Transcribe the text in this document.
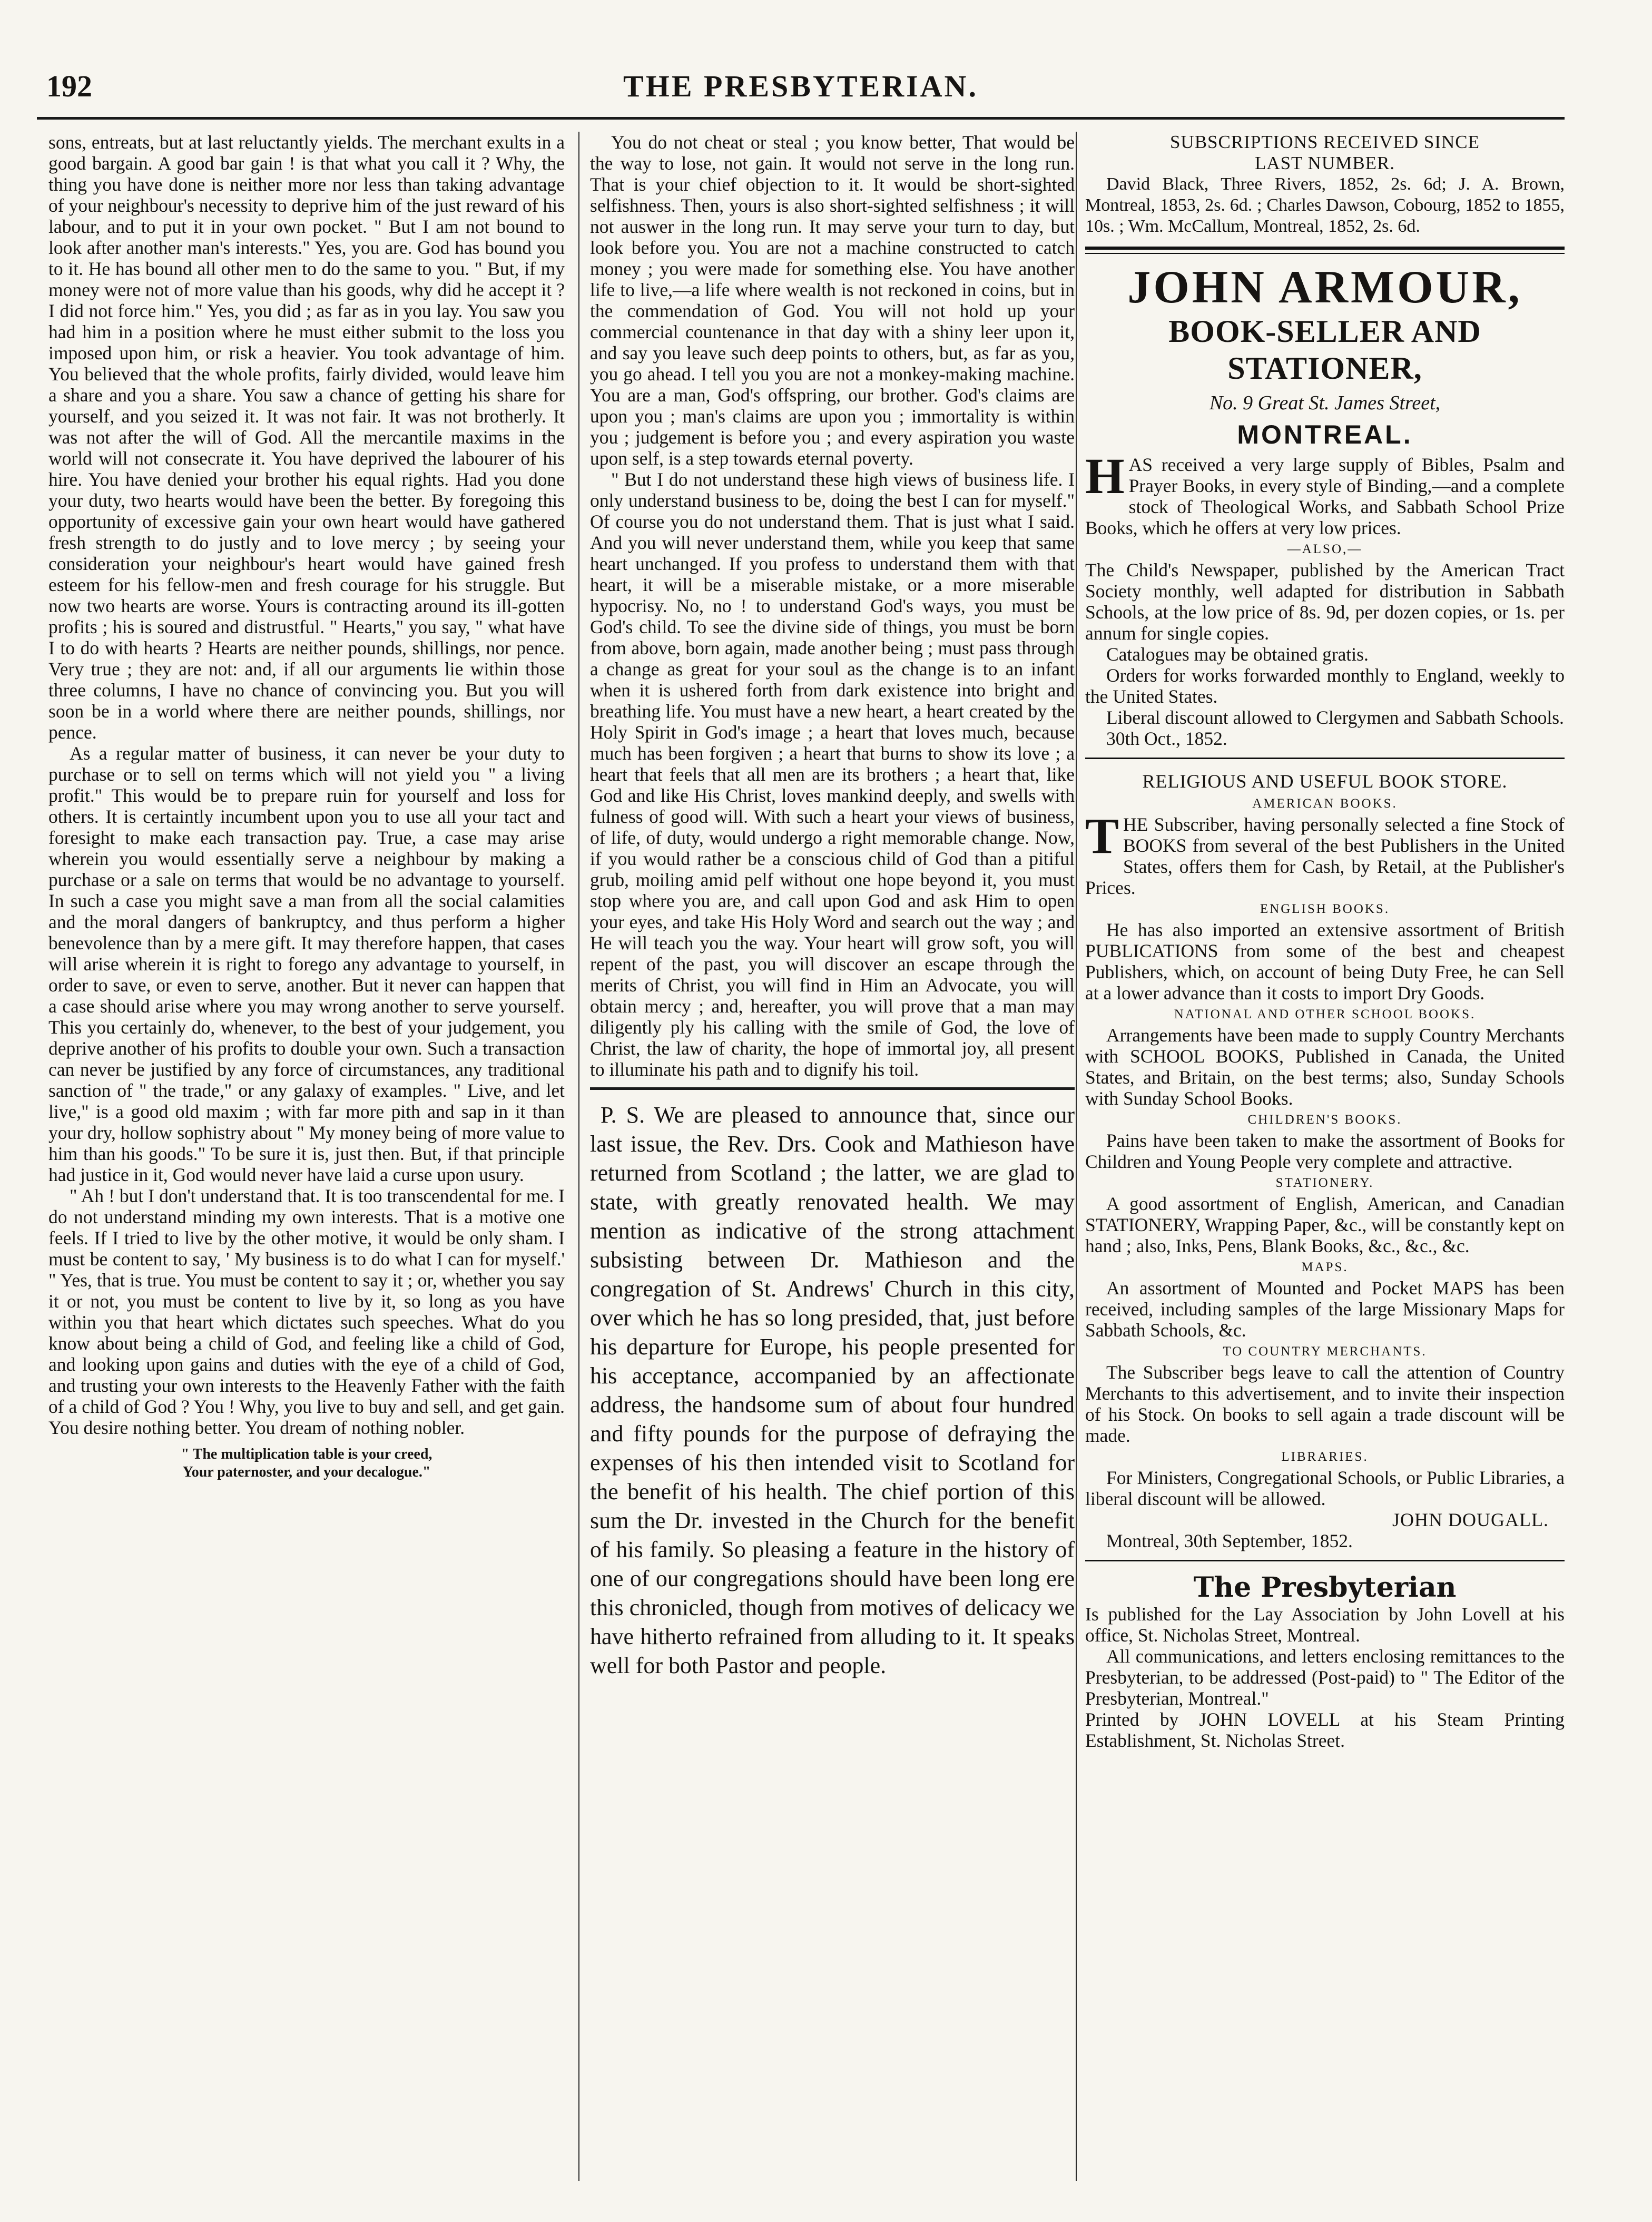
192	THE PRESBYTERIAN.

sons, entreats, but at last reluctantly yields. The merchant exults in a good bargain. A good bar gain ! is that what you call it ? Why, the thing you have done is neither more nor less than taking advantage of your neighbour's necessity to deprive him of the just reward of his labour, and to put it in your own pocket. " But I am not bound to look after another man's interests." Yes, you are. God has bound you to it. He has bound all other men to do the same to you. " But, if my money were not of more value than his goods, why did he accept it ? I did not force him." Yes, you did ; as far as in you lay. You saw you had him in a position where he must either submit to the loss you imposed upon him, or risk a heavier. You took advantage of him. You believed that the whole profits, fairly divided, would leave him a share and you a share. You saw a chance of getting his share for yourself, and you seized it. It was not fair. It was not brotherly. It was not after the will of God. All the mercantile maxims in the world will not consecrate it. You have deprived the labourer of his hire. You have denied your brother his equal rights. Had you done your duty, two hearts would have been the better. By foregoing this opportunity of excessive gain your own heart would have gathered fresh strength to do justly and to love mercy ; by seeing your consideration your neighbour's heart would have gained fresh esteem for his fellow-men and fresh courage for his struggle. But now two hearts are worse. Yours is contracting around its ill-gotten profits ; his is soured and distrustful. " Hearts," you say, " what have I to do with hearts ? Hearts are neither pounds, shillings, nor pence. Very true ; they are not: and, if all our arguments lie within those three columns, I have no chance of convincing you. But you will soon be in a world where there are neither pounds, shillings, nor pence.

As a regular matter of business, it can never be your duty to purchase or to sell on terms which will not yield you " a living profit." This would be to prepare ruin for yourself and loss for others. It is certaintly incumbent upon you to use all your tact and foresight to make each transaction pay. True, a case may arise wherein you would essentially serve a neighbour by making a purchase or a sale on terms that would be no advantage to yourself. In such a case you might save a man from all the social calamities and the moral dangers of bankruptcy, and thus perform a higher benevolence than by a mere gift. It may therefore happen, that cases will arise wherein it is right to forego any advantage to yourself, in order to save, or even to serve, another. But it never can happen that a case should arise where you may wrong another to serve yourself. This you certainly do, whenever, to the best of your judgement, you deprive another of his profits to double your own. Such a transaction can never be justified by any force of circumstances, any traditional sanction of " the trade," or any galaxy of examples. " Live, and let live," is a good old maxim ; with far more pith and sap in it than your dry, hollow sophistry about " My money being of more value to him than his goods." To be sure it is, just then. But, if that principle had justice in it, God would never have laid a curse upon usury.

" Ah ! but I don't understand that. It is too transcendental for me. I do not understand minding my own interests. That is a motive one feels. If I tried to live by the other motive, it would be only sham. I must be content to say, ' My business is to do what I can for myself.' " Yes, that is true. You must be content to say it ; or, whether you say it or not, you must be content to live by it, so long as you have within you that heart which dictates such speeches. What do you know about being a child of God, and feeling like a child of God, and looking upon gains and duties with the eye of a child of God, and trusting your own interests to the Heavenly Father with the faith of a child of God ? You ! Why, you live to buy and sell, and get gain. You desire nothing better. You dream of nothing nobler.

" The multiplication table is your creed,
Your paternoster, and your decalogue."

You do not cheat or steal ; you know better, That would be the way to lose, not gain. It would not serve in the long run. That is your chief objection to it. It would be short-sighted selfishness. Then, yours is also short-sighted selfishness ; it will not auswer in the long run. It may serve your turn to day, but look before you. You are not a machine constructed to catch money ; you were made for something else. You have another life to live,—a life where wealth is not reckoned in coins, but in the commendation of God. You will not hold up your commercial countenance in that day with a shiny leer upon it, and say you leave such deep points to others, but, as far as you, you go ahead. I tell you you are not a monkey-making machine. You are a man, God's offspring, our brother. God's claims are upon you ; man's claims are upon you ; immortality is within you ; judgement is before you ; and every aspiration you waste upon self, is a step towards eternal poverty.

" But I do not understand these high views of business life. I only understand business to be, doing the best I can for myself." Of course you do not understand them. That is just what I said. And you will never understand them, while you keep that same heart unchanged. If you profess to understand them with that heart, it will be a miserable mistake, or a more miserable hypocrisy. No, no ! to understand God's ways, you must be God's child. To see the divine side of things, you must be born from above, born again, made another being ; must pass through a change as great for your soul as the change is to an infant when it is ushered forth from dark existence into bright and breathing life. You must have a new heart, a heart created by the Holy Spirit in God's image ; a heart that loves much, because much has been forgiven ; a heart that burns to show its love ; a heart that feels that all men are its brothers ; a heart that, like God and like His Christ, loves mankind deeply, and swells with fulness of good will. With such a heart your views of business, of life, of duty, would undergo a right memorable change. Now, if you would rather be a conscious child of God than a pitiful grub, moiling amid pelf without one hope beyond it, you must stop where you are, and call upon God and ask Him to open your eyes, and take His Holy Word and search out the way ; and He will teach you the way. Your heart will grow soft, you will repent of the past, you will discover an escape through the merits of Christ, you will find in Him an Advocate, you will obtain mercy ; and, hereafter, you will prove that a man may diligently ply his calling with the smile of God, the love of Christ, the law of charity, the hope of immortal joy, all present to illuminate his path and to dignify his toil.

P. S. We are pleased to announce that, since our last issue, the Rev. Drs. Cook and Mathieson have returned from Scotland ; the latter, we are glad to state, with greatly renovated health. We may mention as indicative of the strong attachment subsisting between Dr. Mathieson and the congregation of St. Andrews' Church in this city, over which he has so long presided, that, just before his departure for Europe, his people presented for his acceptance, accompanied by an affectionate address, the handsome sum of about four hundred and fifty pounds for the purpose of defraying the expenses of his then intended visit to Scotland for the benefit of his health. The chief portion of this sum the Dr. invested in the Church for the benefit of his family. So pleasing a feature in the history of one of our congregations should have been long ere this chronicled, though from motives of delicacy we have hitherto refrained from alluding to it. It speaks well for both Pastor and people.

SUBSCRIPTIONS RECEIVED SINCE
LAST NUMBER.

David Black, Three Rivers, 1852, 2s. 6d; J. A. Brown, Montreal, 1853, 2s. 6d. ; Charles Dawson, Cobourg, 1852 to 1855, 10s. ; Wm. McCallum, Montreal, 1852, 2s. 6d.

JOHN ARMOUR,
BOOK-SELLER AND STATIONER,
No. 9 Great St. James Street,
MONTREAL.

HAS received a very large supply of Bibles, Psalm and Prayer Books, in every style of Binding,—and a complete stock of Theological Works, and Sabbath School Prize Books, which he offers at very low prices.

—ALSO,—

The Child's Newspaper, published by the American Tract Society monthly, well adapted for distribution in Sabbath Schools, at the low price of 8s. 9d, per dozen copies, or 1s. per annum for single copies.

Catalogues may be obtained gratis.

Orders for works forwarded monthly to England, weekly to the United States.

Liberal discount allowed to Clergymen and Sabbath Schools.

30th Oct., 1852.

RELIGIOUS AND USEFUL BOOK STORE.
AMERICAN BOOKS.

THE Subscriber, having personally selected a fine Stock of BOOKS from several of the best Publishers in the United States, offers them for Cash, by Retail, at the Publisher's Prices.

ENGLISH BOOKS.

He has also imported an extensive assortment of British PUBLICATIONS from some of the best and cheapest Publishers, which, on account of being Duty Free, he can Sell at a lower advance than it costs to import Dry Goods.

NATIONAL AND OTHER SCHOOL BOOKS.

Arrangements have been made to supply Country Merchants with SCHOOL BOOKS, Published in Canada, the United States, and Britain, on the best terms; also, Sunday Schools with Sunday School Books.

CHILDREN'S BOOKS.

Pains have been taken to make the assortment of Books for Children and Young People very complete and attractive.

STATIONERY.

A good assortment of English, American, and Canadian STATIONERY, Wrapping Paper, &c., will be constantly kept on hand ; also, Inks, Pens, Blank Books, &c., &c., &c.

MAPS.

An assortment of Mounted and Pocket MAPS has been received, including samples of the large Missionary Maps for Sabbath Schools, &c.

TO COUNTRY MERCHANTS.

The Subscriber begs leave to call the attention of Country Merchants to this advertisement, and to invite their inspection of his Stock. On books to sell again a trade discount will be made.

LIBRARIES.

For Ministers, Congregational Schools, or Public Libraries, a liberal discount will be allowed.

JOHN DOUGALL.

Montreal, 30th September, 1852.

The Presbyterian

Is published for the Lay Association by John Lovell at his office, St. Nicholas Street, Montreal.

All communications, and letters enclosing remittances to the Presbyterian, to be addressed (Post-paid) to " The Editor of the Presbyterian, Montreal."

Printed by JOHN LOVELL at his Steam Printing Establishment, St. Nicholas Street.
